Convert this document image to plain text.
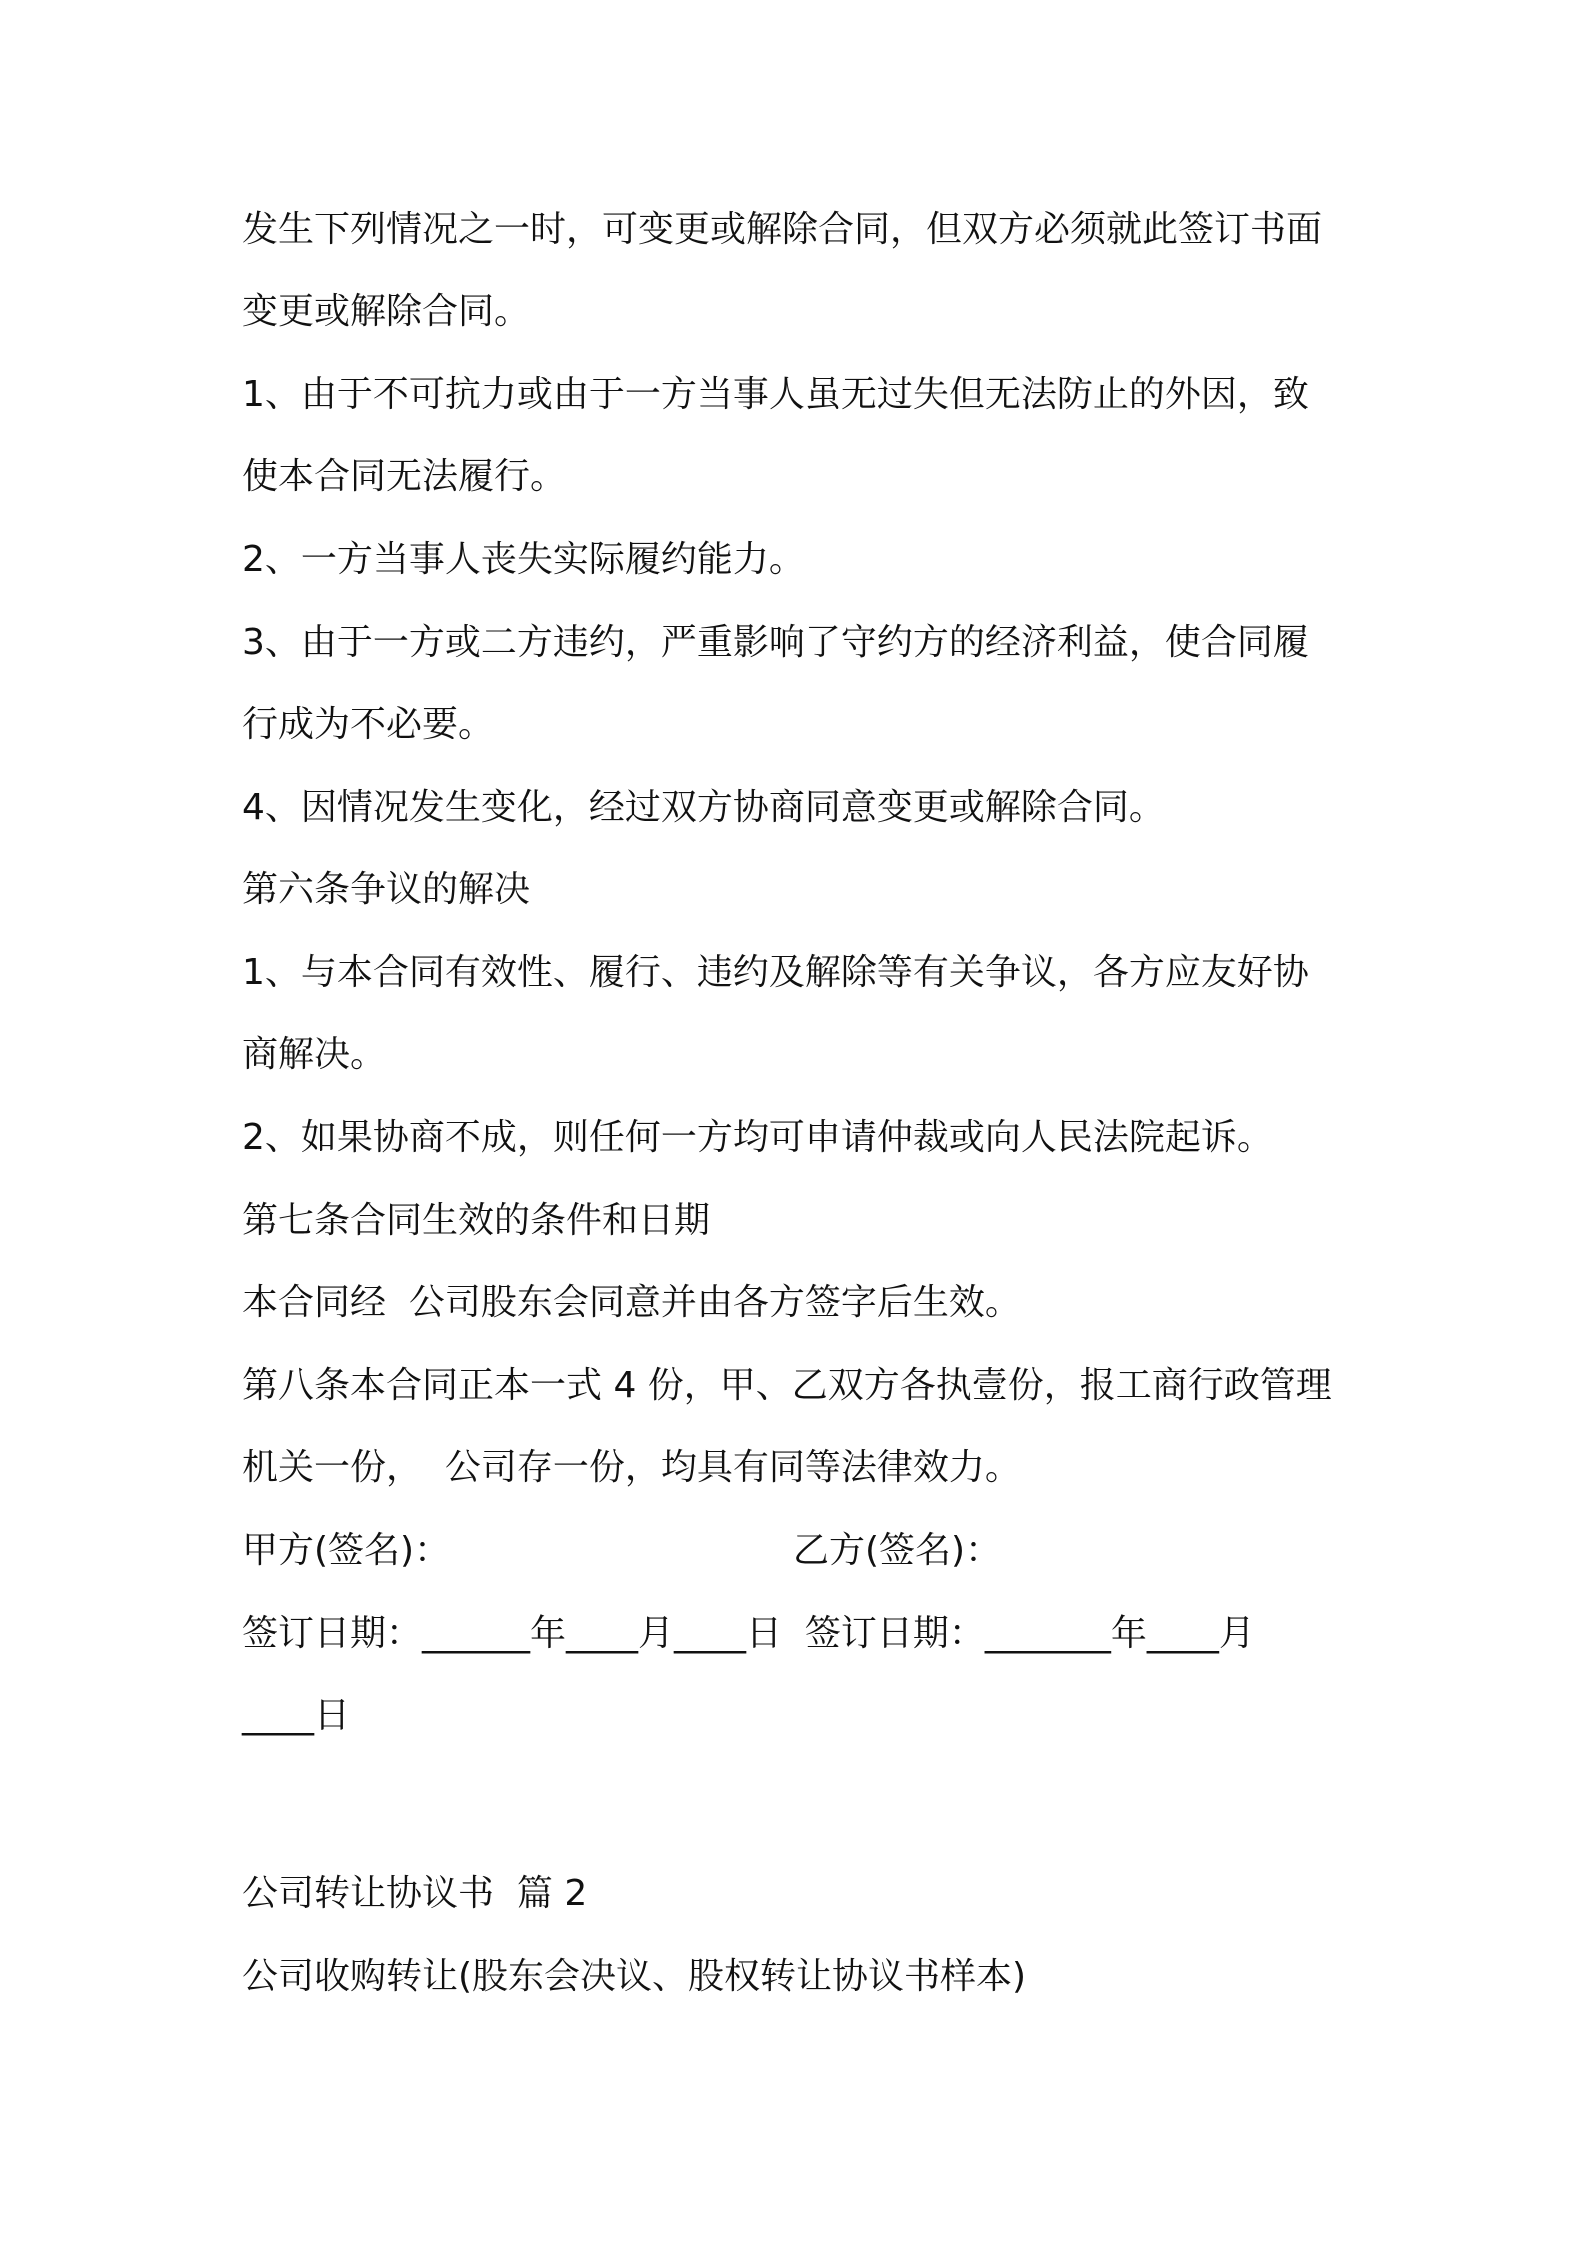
发生下列情况之一时，可变更或解除合同，但双方必须就此签订书面
变更或解除合同。
1、由于不可抗力或由于一方当事人虽无过失但无法防止的外因，致
使本合同无法履行。
2、一方当事人丧失实际履约能力。
3、由于一方或二方违约，严重影响了守约方的经济利益，使合同履
行成为不必要。
4、因情况发生变化，经过双方协商同意变更或解除合同。
第六条争议的解决
1、与本合同有效性、履行、违约及解除等有关争议，各方应友好协
商解决。
2、如果协商不成，则任何一方均可申请仲裁或向人民法院起诉。
第七条合同生效的条件和日期
本合同经  公司股东会同意并由各方签字后生效。
第八条本合同正本一式 4 份，甲、乙双方各执壹份，报工商行政管理
机关一份，  公司存一份，均具有同等法律效力。
甲方(签名)：	乙方(签名)：
签订日期：______年____月____日  签订日期：_______年____月
____日
公司转让协议书  篇 2
公司收购转让(股东会决议、股权转让协议书样本)
